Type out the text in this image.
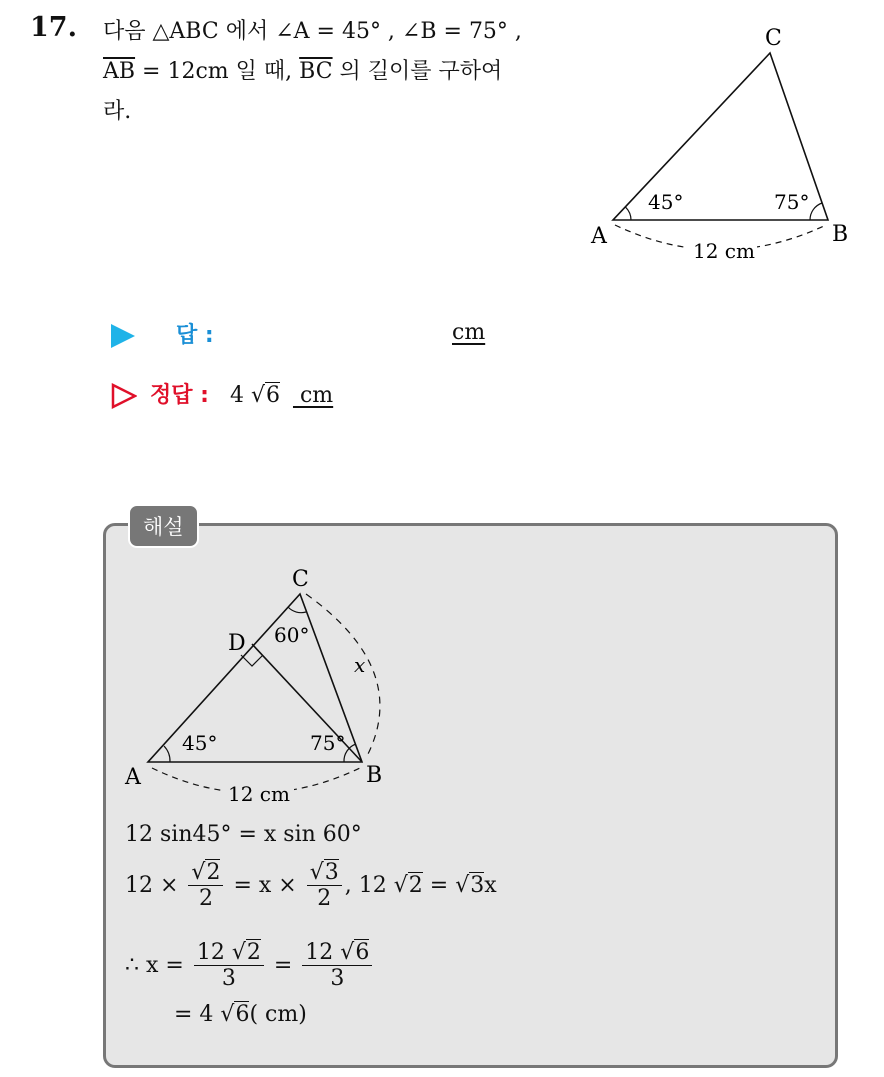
17. 다음 △ABC 에서 ∠A = 45° , ∠B = 75° ,
$\overline{AB} = 12cm$ 일 때, $\overline{BC}$ 의 길이를 구하여
라.
C
A	B
45°	75°
12 cm
답 :	cm
정답 : 4 √6 cm
해설
C
D
A	B
45°	75°
60°
x
12 cm
12 sin45° = x sin 60°
$12 \times \frac{√2}{2} = x \times \frac{√3}{2}$ , 12 √2 = √3x
∴ $x = \frac{12 √2}{3} = \frac{12 √6}{3}$
= 4 √6( cm)
